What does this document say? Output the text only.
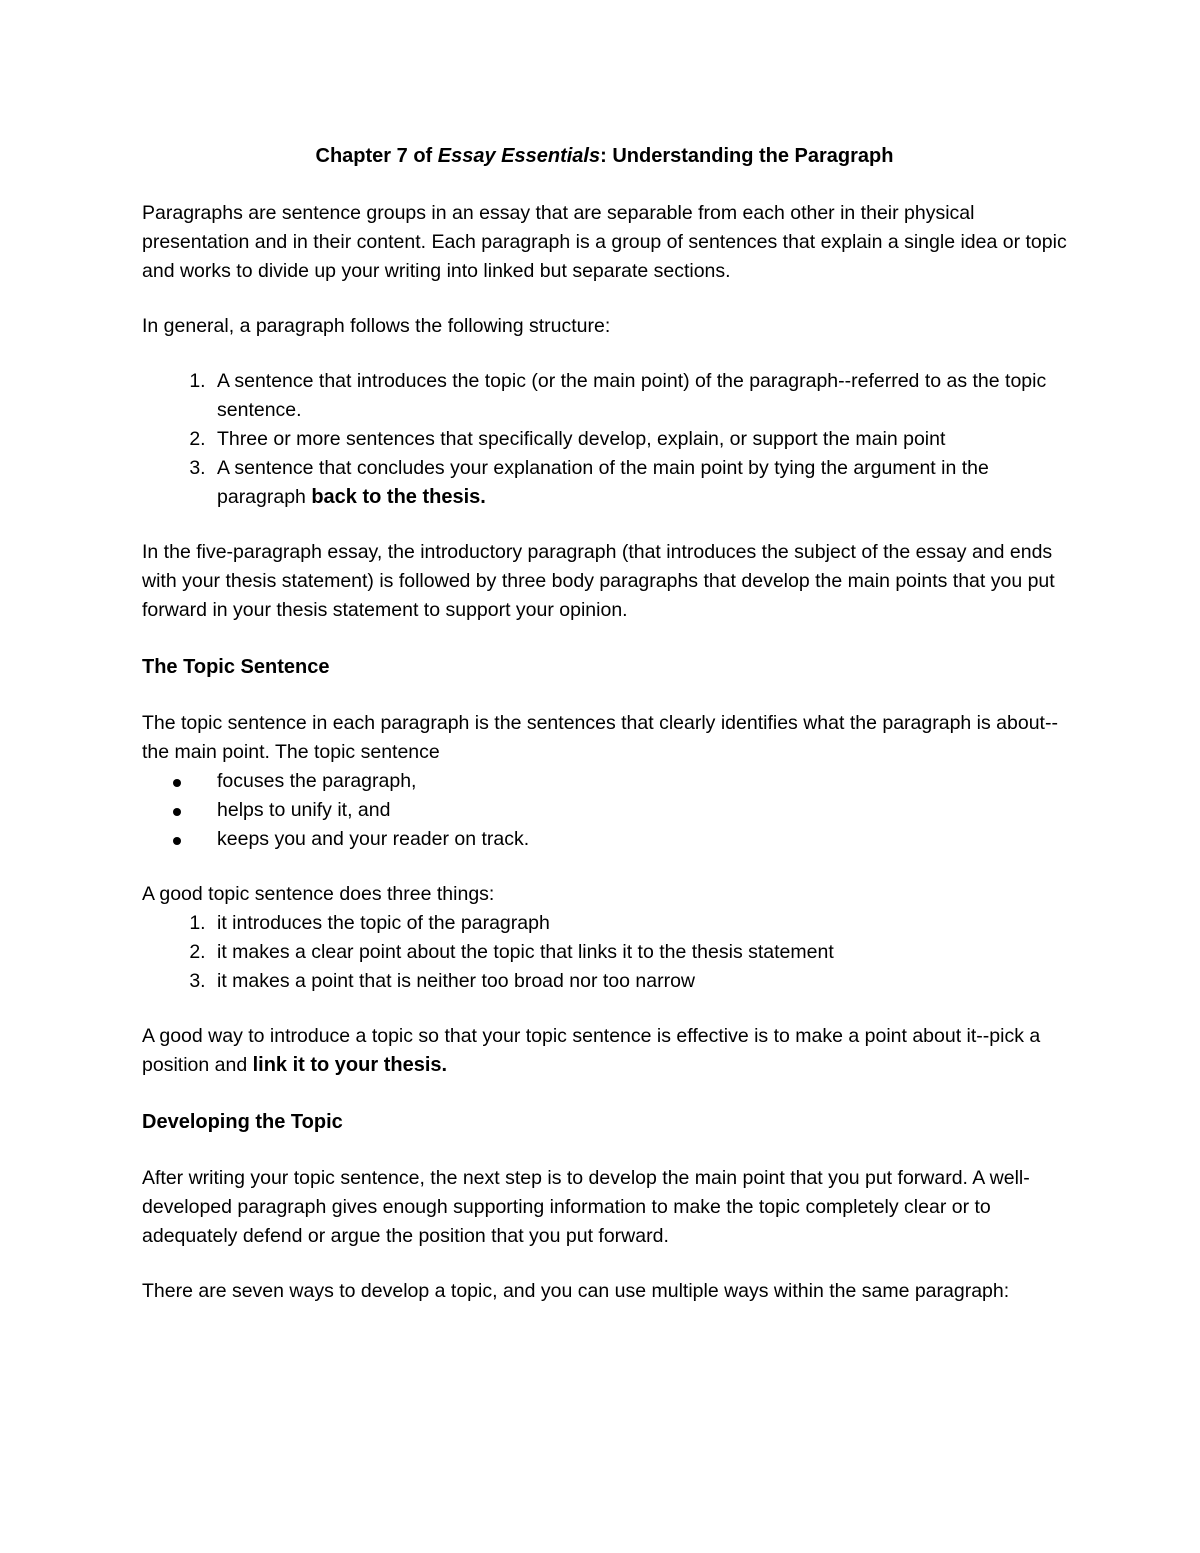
Chapter 7 of Essay Essentials: Understanding the Paragraph

Paragraphs are sentence groups in an essay that are separable from each other in their physical presentation and in their content. Each paragraph is a group of sentences that explain a single idea or topic and works to divide up your writing into linked but separate sections.

In general, a paragraph follows the following structure:

1. A sentence that introduces the topic (or the main point) of the paragraph--referred to as the topic sentence.
2. Three or more sentences that specifically develop, explain, or support the main point
3. A sentence that concludes your explanation of the main point by tying the argument in the paragraph back to the thesis.

In the five-paragraph essay, the introductory paragraph (that introduces the subject of the essay and ends with your thesis statement) is followed by three body paragraphs that develop the main points that you put forward in your thesis statement to support your opinion.

The Topic Sentence

The topic sentence in each paragraph is the sentences that clearly identifies what the paragraph is about--the main point. The topic sentence

focuses the paragraph,
helps to unify it, and
keeps you and your reader on track.

A good topic sentence does three things:

1. it introduces the topic of the paragraph
2. it makes a clear point about the topic that links it to the thesis statement
3. it makes a point that is neither too broad nor too narrow

A good way to introduce a topic so that your topic sentence is effective is to make a point about it--pick a position and link it to your thesis.

Developing the Topic

After writing your topic sentence, the next step is to develop the main point that you put forward. A well-developed paragraph gives enough supporting information to make the topic completely clear or to adequately defend or argue the position that you put forward.

There are seven ways to develop a topic, and you can use multiple ways within the same paragraph:
